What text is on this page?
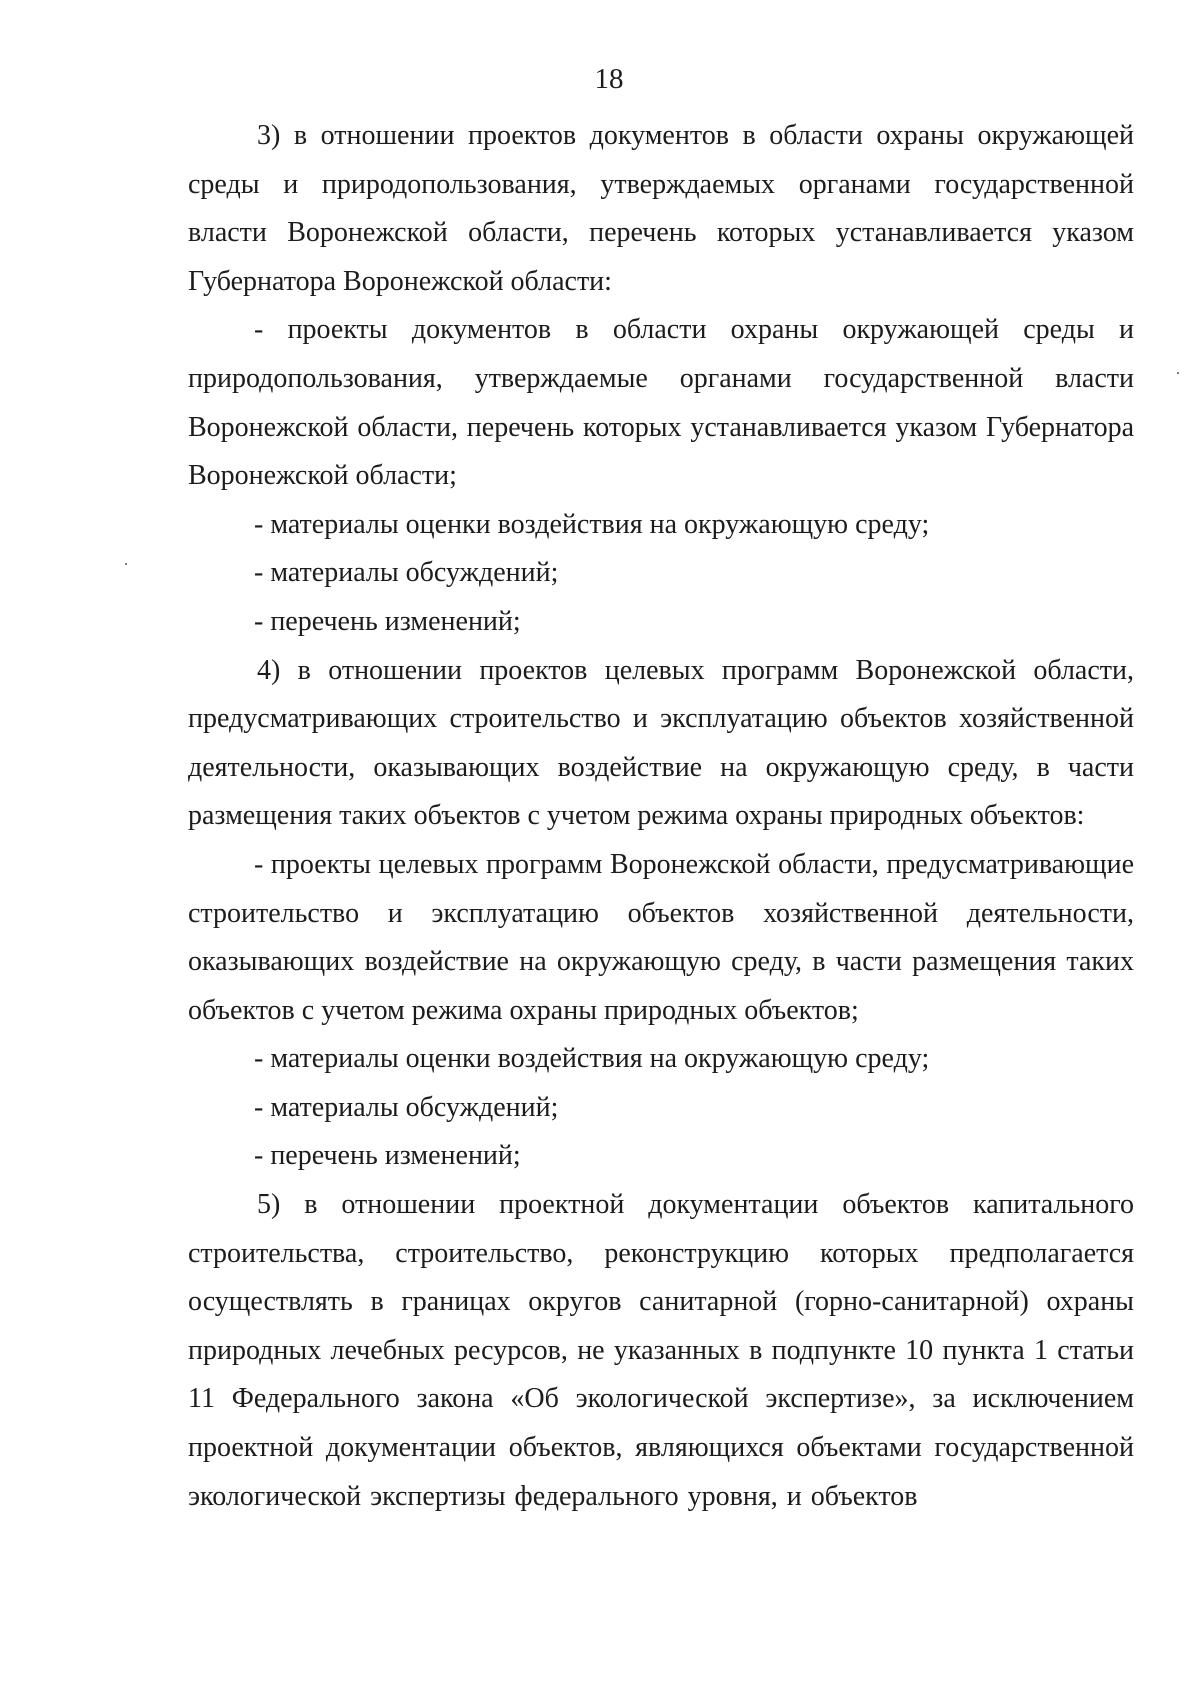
18

3) в отношении проектов документов в области охраны окружающей среды и природопользования, утверждаемых органами государственной власти Воронежской области, перечень которых устанавливается указом Губернатора Воронежской области:

- проекты документов в области охраны окружающей среды и природопользования, утверждаемые органами государственной власти Воронежской области, перечень которых устанавливается указом Губернатора Воронежской области;

- материалы оценки воздействия на окружающую среду;

- материалы обсуждений;

- перечень изменений;

4) в отношении проектов целевых программ Воронежской области, предусматривающих строительство и эксплуатацию объектов хозяйственной деятельности, оказывающих воздействие на окружающую среду, в части размещения таких объектов с учетом режима охраны природных объектов:

- проекты целевых программ Воронежской области, предусматривающие строительство и эксплуатацию объектов хозяйственной деятельности, оказывающих воздействие на окружающую среду, в части размещения таких объектов с учетом режима охраны природных объектов;

- материалы оценки воздействия на окружающую среду;

- материалы обсуждений;

- перечень изменений;

5) в отношении проектной документации объектов капитального строительства, строительство, реконструкцию которых предполагается осуществлять в границах округов санитарной (горно-санитарной) охраны природных лечебных ресурсов, не указанных в подпункте 10 пункта 1 статьи 11 Федерального закона «Об экологической экспертизе», за исключением проектной документации объектов, являющихся объектами государственной экологической экспертизы федерального уровня, и объектов
